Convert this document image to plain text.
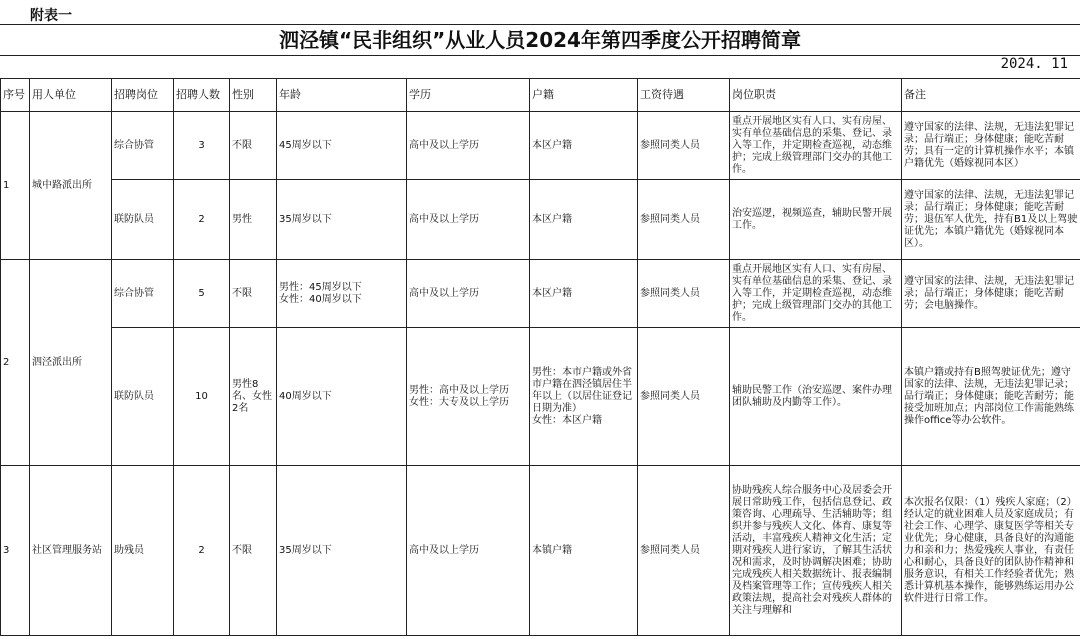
附表一
泗泾镇“民非组织”从业人员2024年第四季度公开招聘简章
2024. 11
序号	用人单位	招聘岗位	招聘人数	性别	年龄	学历	户籍	工资待遇	岗位职责	备注
1	城中路派出所	综合协管	3	不限	45周岁以下	高中及以上学历	本区户籍	参照同类人员	重点开展地区实有人口、实有房屋、实有单位基础信息的采集、登记、录入等工作，并定期检查巡视，动态维护；完成上级管理部门交办的其他工作。	遵守国家的法律、法规，无违法犯罪记录；品行端正；身体健康；能吃苦耐劳；具有一定的计算机操作水平；本镇户籍优先（婚嫁视同本区）
		联防队员	2	男性	35周岁以下	高中及以上学历	本区户籍	参照同类人员	治安巡逻，视频巡查，辅助民警开展工作。	遵守国家的法律、法规，无违法犯罪记录；品行端正；身体健康；能吃苦耐劳；退伍军人优先，持有B1及以上驾驶证优先；本镇户籍优先（婚嫁视同本区）。
2	泗泾派出所	综合协管	5	不限	男性：45周岁以下
女性：40周岁以下	高中及以上学历	本区户籍	参照同类人员	重点开展地区实有人口、实有房屋、实有单位基础信息的采集、登记、录入等工作，并定期检查巡视，动态维护；完成上级管理部门交办的其他工作。	遵守国家的法律、法规，无违法犯罪记录；品行端正；身体健康；能吃苦耐劳；会电脑操作。
		联防队员	10	男性8名、女性2名	40周岁以下	男性：高中及以上学历
女性：大专及以上学历	男性：本市户籍或外省市户籍在泗泾镇居住半年以上（以居住证登记日期为准）
女性：本区户籍	参照同类人员	辅助民警工作（治安巡逻、案件办理团队辅助及内勤等工作）。	本镇户籍或持有B照驾驶证优先；遵守国家的法律、法规，无违法犯罪记录；品行端正；身体健康；能吃苦耐劳；能接受加班加点；内部岗位工作需能熟练操作office等办公软件。
3	社区管理服务站	助残员	2	不限	35周岁以下	高中及以上学历	本镇户籍	参照同类人员	协助残疾人综合服务中心及居委会开展日常助残工作，包括信息登记、政策咨询、心理疏导、生活辅助等；组织并参与残疾人文化、体育、康复等活动，丰富残疾人精神文化生活；定期对残疾人进行家访，了解其生活状况和需求，及时协调解决困难；协助完成残疾人相关数据统计、报表编制及档案管理等工作；宣传残疾人相关政策法规，提高社会对残疾人群体的关注与理解和	本次报名仅限：（1）残疾人家庭；（2）经认定的就业困难人员及家庭成员；有社会工作、心理学、康复医学等相关专业优先；身心健康，具备良好的沟通能力和亲和力；热爱残疾人事业，有责任心和耐心，具备良好的团队协作精神和服务意识，有相关工作经验者优先；熟悉计算机基本操作，能够熟练运用办公软件进行日常工作。
